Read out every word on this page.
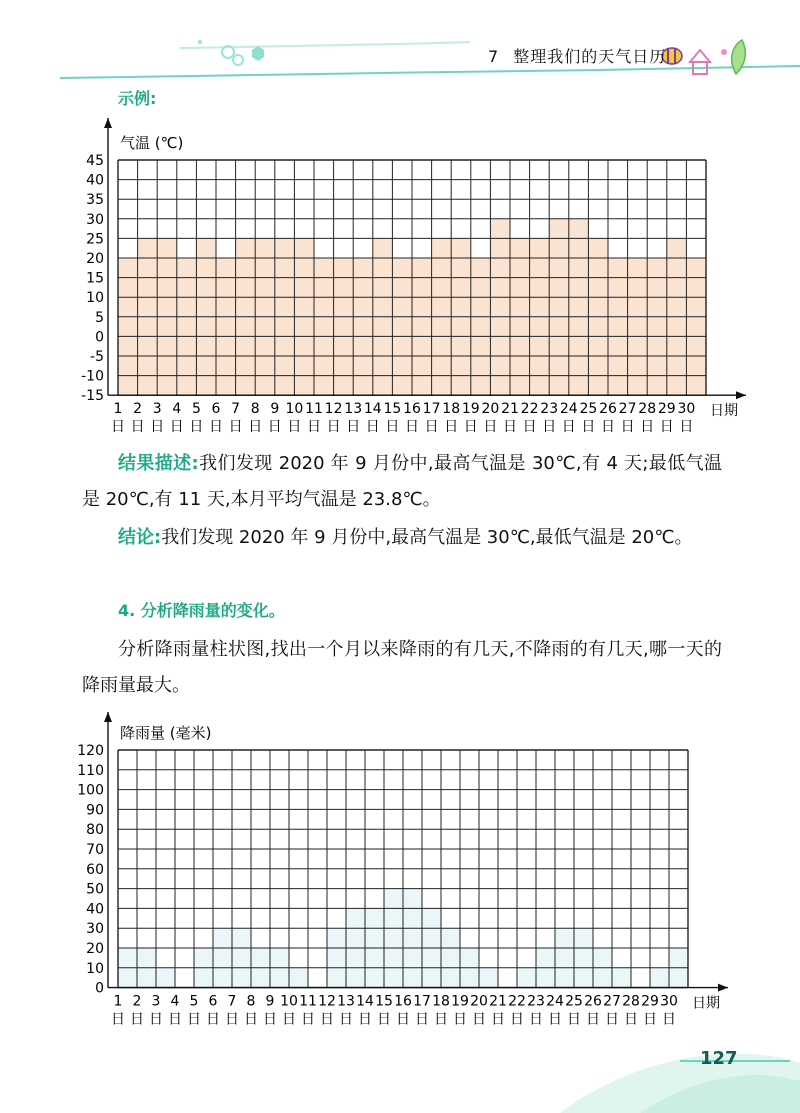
7 整理我们的天气日历
示例:
气温 (℃)
45
40
35
30
25
20
15
10
5
0
-5
-10
-15
1
日
2
日
3
日
4
日
5
日
6
日
7
日
8
日
9
日
10
日
11
日
12
日
13
日
14
日
15
日
16
日
17
日
18
日
19
日
20
日
21
日
22
日
23
日
24
日
25
日
26
日
27
日
28
日
29
日
30
日
日期

结果描述:我们发现 2020 年 9 月份中,最高气温是 30℃,有 4 天;最低气温是 20℃,有 11 天,本月平均气温是 23.8℃。

结论:我们发现 2020 年 9 月份中,最高气温是 30℃,最低气温是 20℃。

4. 分析降雨量的变化。

分析降雨量柱状图,找出一个月以来降雨的有几天,不降雨的有几天,哪一天的降雨量最大。

降雨量 (毫米)
120
110
100
90
80
70
60
50
40
30
20
10
0
1
日
2
日
3
日
4
日
5
日
6
日
7
日
8
日
9
日
10
日
11
日
12
日
13
日
14
日
15
日
16
日
17
日
18
日
19
日
20
日
21
日
22
日
23
日
24
日
25
日
26
日
27
日
28
日
29
日
30
日
日期
127
